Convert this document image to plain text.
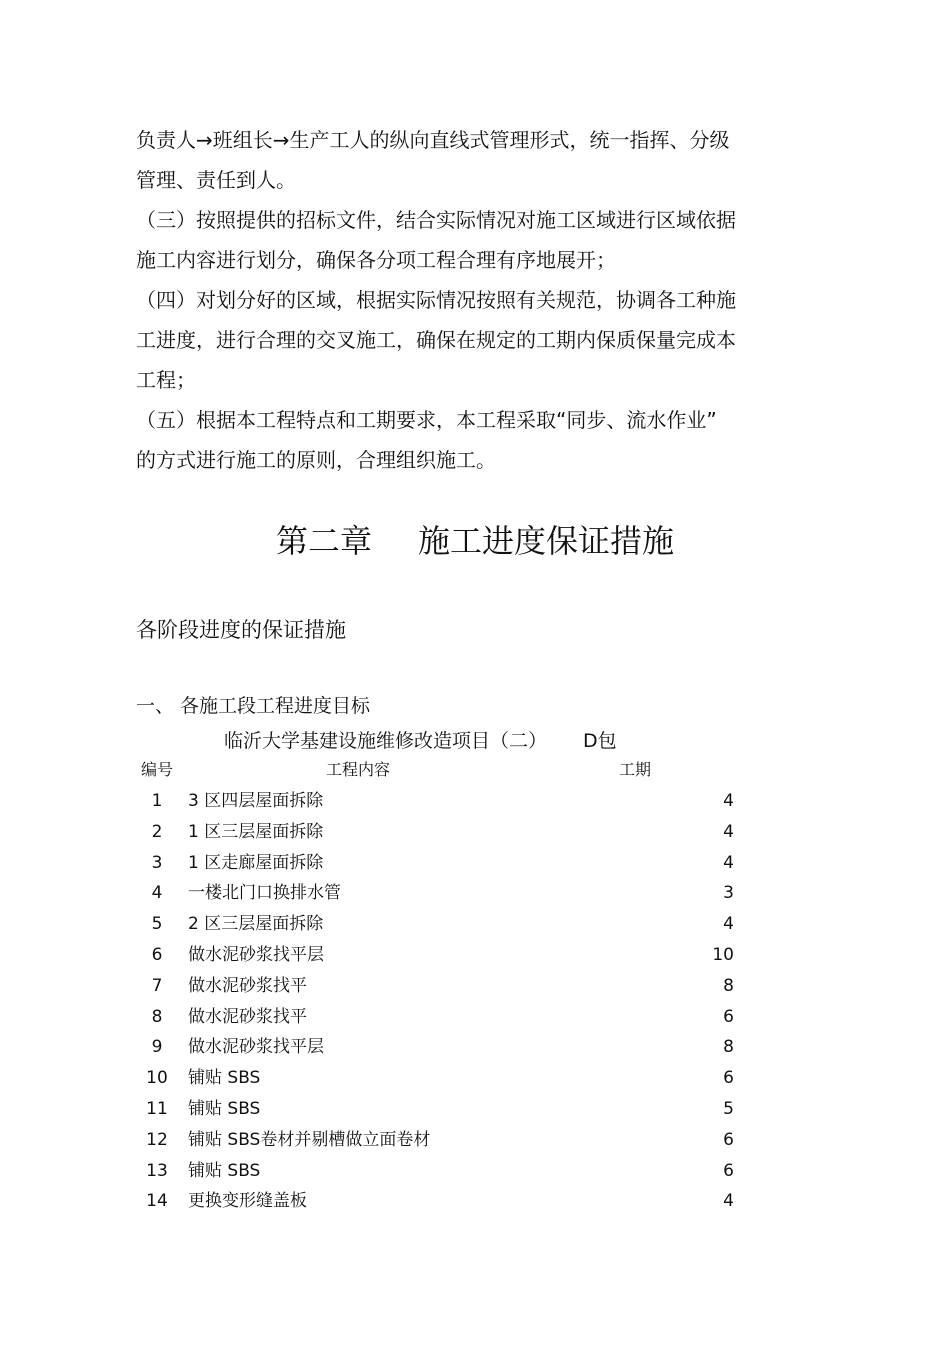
负责人→班组长→生产工人的纵向直线式管理形式，统一指挥、分级
管理、责任到人。
（三）按照提供的招标文件，结合实际情况对施工区域进行区域依据
施工内容进行划分，确保各分项工程合理有序地展开；
（四）对划分好的区域，根据实际情况按照有关规范，协调各工种施
工进度，进行合理的交叉施工，确保在规定的工期内保质保量完成本
工程；
（五）根据本工程特点和工期要求，本工程采取“同步、流水作业”
的方式进行施工的原则，合理组织施工。
第二章 施工进度保证措施
各阶段进度的保证措施
一、 各施工段工程进度目标
临沂大学基建设施维修改造项目（二） D包
编号	工程内容	工期
1	3 区四层屋面拆除	4
2	1 区三层屋面拆除	4
3	1 区走廊屋面拆除	4
4	一楼北门口换排水管	3
5	2 区三层屋面拆除	4
6	做水泥砂浆找平层	10
7	做水泥砂浆找平	8
8	做水泥砂浆找平	6
9	做水泥砂浆找平层	8
10	铺贴 SBS	6
11	铺贴 SBS	5
12	铺贴 SBS卷材并剔槽做立面卷材	6
13	铺贴 SBS	6
14	更换变形缝盖板	4
